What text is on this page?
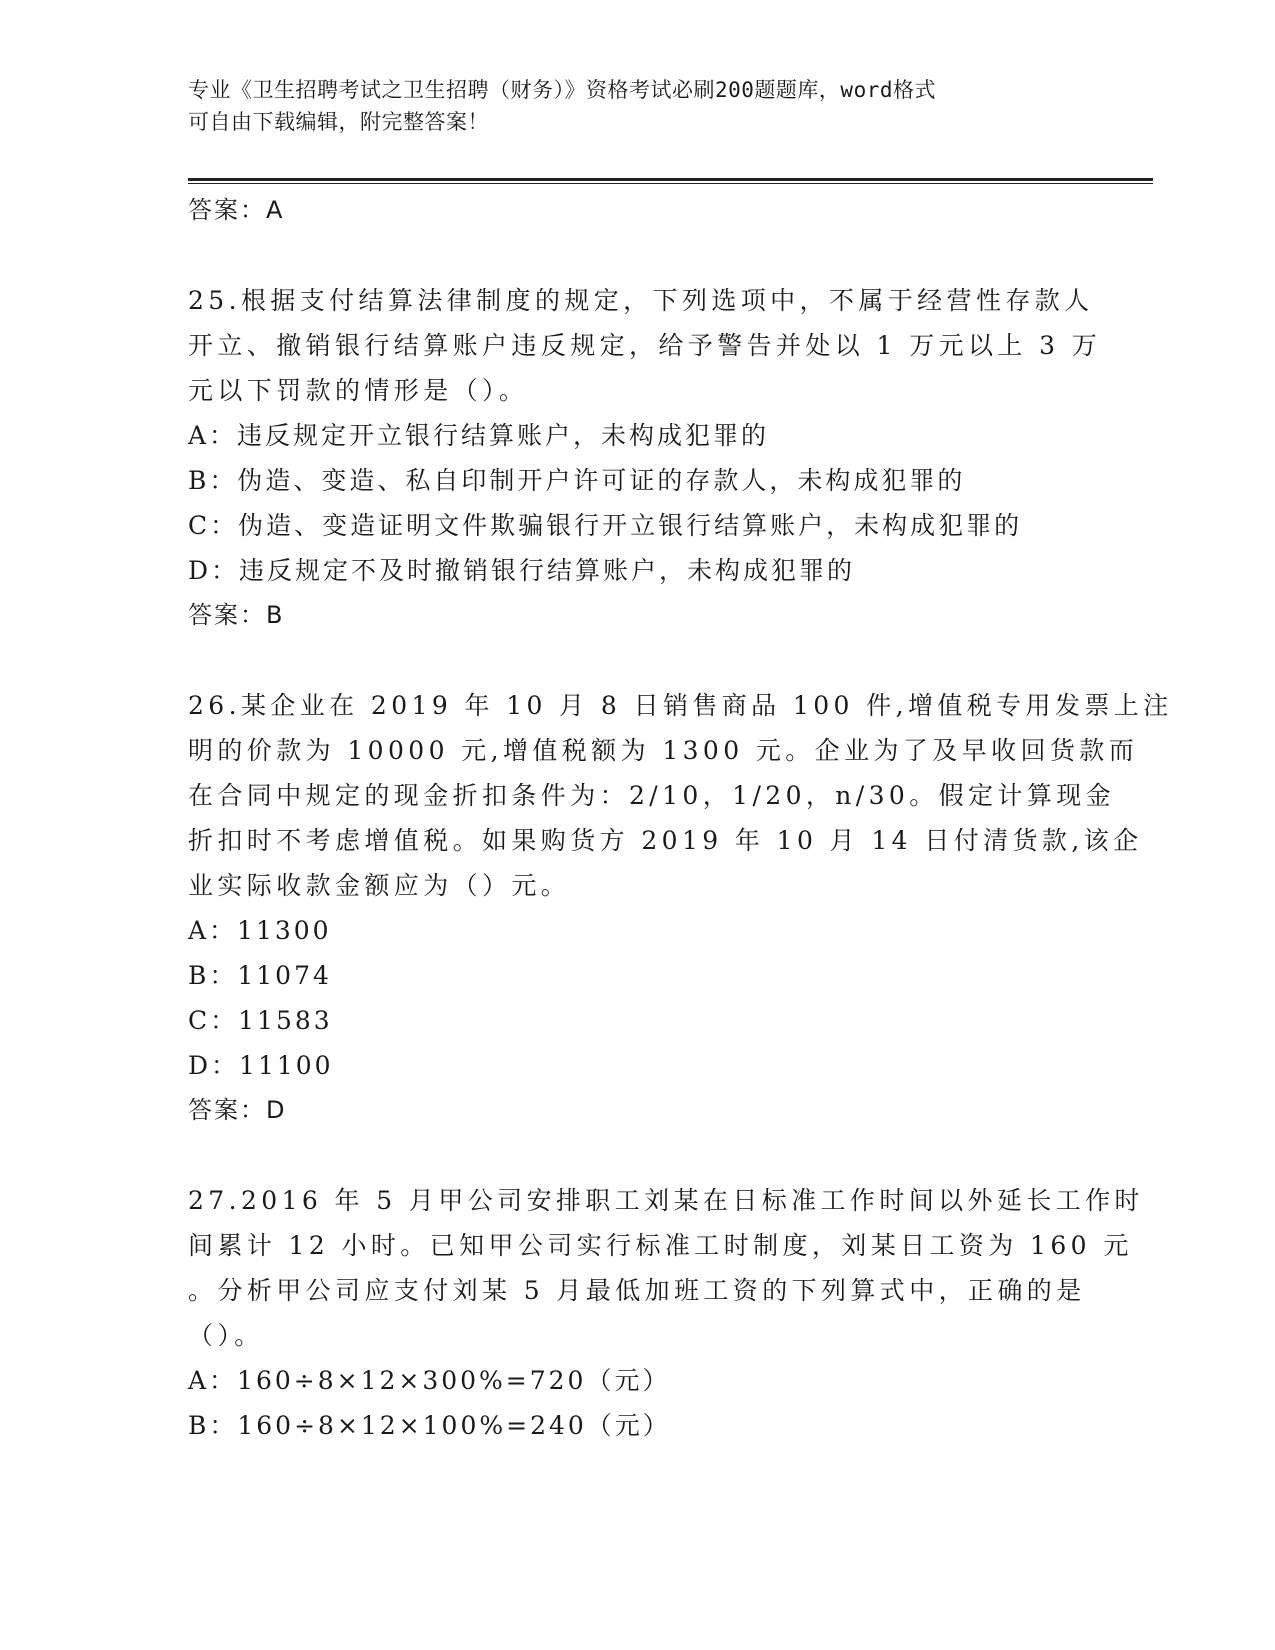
专业《卫生招聘考试之卫生招聘（财务）》资格考试必刷200题题库，word格式
可自由下载编辑，附完整答案！
答案：A
25.根据支付结算法律制度的规定，下列选项中，不属于经营性存款人
开立、撤销银行结算账户违反规定，给予警告并处以 1 万元以上 3 万
元以下罚款的情形是（）。
A：违反规定开立银行结算账户，未构成犯罪的
B：伪造、变造、私自印制开户许可证的存款人，未构成犯罪的
C：伪造、变造证明文件欺骗银行开立银行结算账户，未构成犯罪的
D：违反规定不及时撤销银行结算账户，未构成犯罪的
答案：B
26.某企业在 2019 年 10 月 8 日销售商品 100 件,增值税专用发票上注
明的价款为 10000 元,增值税额为 1300 元。企业为了及早收回货款而
在合同中规定的现金折扣条件为：2/10，1/20，n/30。假定计算现金
折扣时不考虑增值税。如果购货方 2019 年 10 月 14 日付清货款,该企
业实际收款金额应为（）元。
A：11300
B：11074
C：11583
D：11100
答案：D
27.2016 年 5 月甲公司安排职工刘某在日标准工作时间以外延长工作时
间累计 12 小时。已知甲公司实行标准工时制度，刘某日工资为 160 元
。分析甲公司应支付刘某 5 月最低加班工资的下列算式中，正确的是
（）。
A：160÷8×12×300%=720（元）
B：160÷8×12×100%=240（元）
